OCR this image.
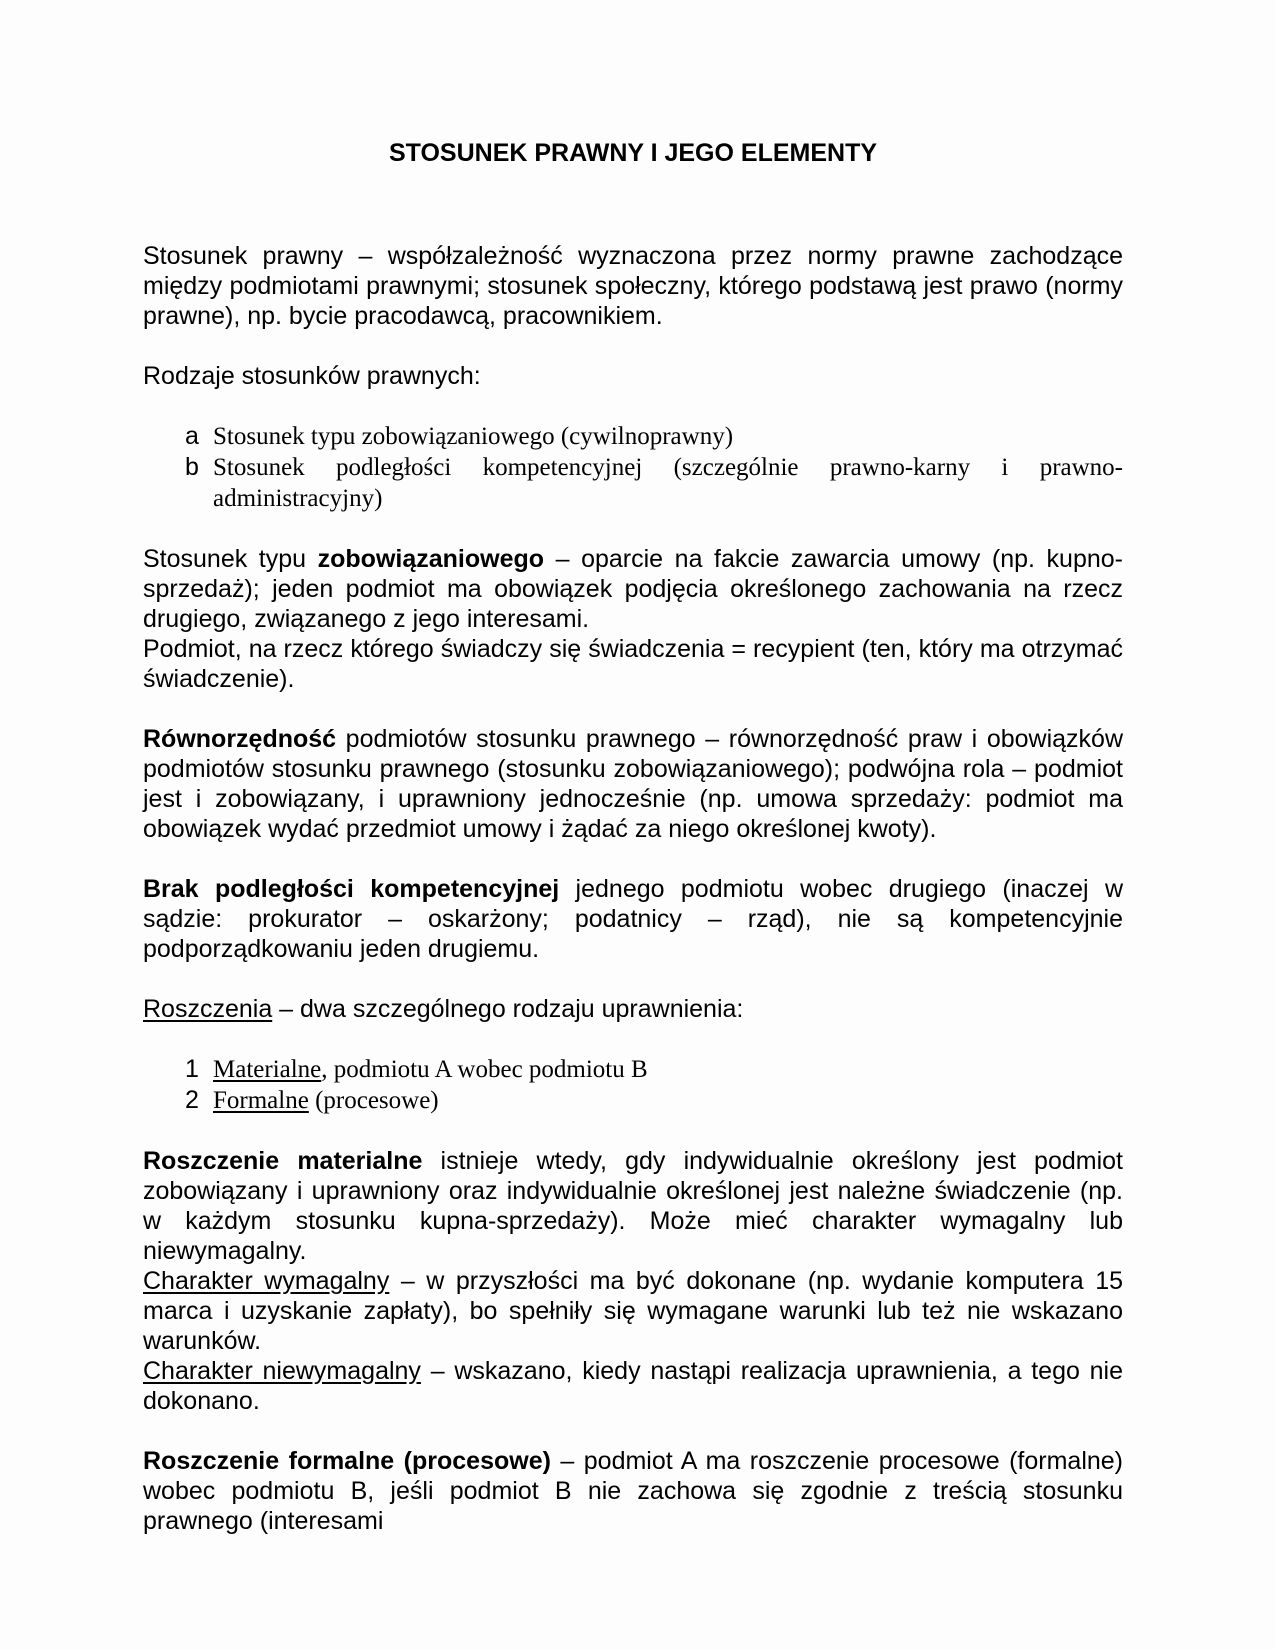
STOSUNEK PRAWNY I JEGO ELEMENTY

Stosunek prawny – współzależność wyznaczona przez normy prawne zachodzące między podmiotami prawnymi; stosunek społeczny, którego podstawą jest prawo (normy prawne), np. bycie pracodawcą, pracownikiem.

Rodzaje stosunków prawnych:

a Stosunek typu zobowiązaniowego (cywilnoprawny)

b Stosunek podległości kompetencyjnej (szczególnie prawno-karny i prawno-administracyjny)

Stosunek typu zobowiązaniowego – oparcie na fakcie zawarcia umowy (np. kupno-sprzedaż); jeden podmiot ma obowiązek podjęcia określonego zachowania na rzecz drugiego, związanego z jego interesami.

Podmiot, na rzecz którego świadczy się świadczenia = recypient (ten, który ma otrzymać świadczenie).

Równorzędność podmiotów stosunku prawnego – równorzędność praw i obowiązków podmiotów stosunku prawnego (stosunku zobowiązaniowego); podwójna rola – podmiot jest i zobowiązany, i uprawniony jednocześnie (np. umowa sprzedaży: podmiot ma obowiązek wydać przedmiot umowy i żądać za niego określonej kwoty).

Brak podległości kompetencyjnej jednego podmiotu wobec drugiego (inaczej w sądzie: prokurator – oskarżony; podatnicy – rząd), nie są kompetencyjnie podporządkowaniu jeden drugiemu.

Roszczenia – dwa szczególnego rodzaju uprawnienia:

1 Materialne, podmiotu A wobec podmiotu B

2 Formalne (procesowe)

Roszczenie materialne istnieje wtedy, gdy indywidualnie określony jest podmiot zobowiązany i uprawniony oraz indywidualnie określonej jest należne świadczenie (np. w każdym stosunku kupna-sprzedaży). Może mieć charakter wymagalny lub niewymagalny.

Charakter wymagalny – w przyszłości ma być dokonane (np. wydanie komputera 15 marca i uzyskanie zapłaty), bo spełniły się wymagane warunki lub też nie wskazano warunków.

Charakter niewymagalny – wskazano, kiedy nastąpi realizacja uprawnienia, a tego nie dokonano.

Roszczenie formalne (procesowe) – podmiot A ma roszczenie procesowe (formalne) wobec podmiotu B, jeśli podmiot B nie zachowa się zgodnie z treścią stosunku prawnego (interesami
